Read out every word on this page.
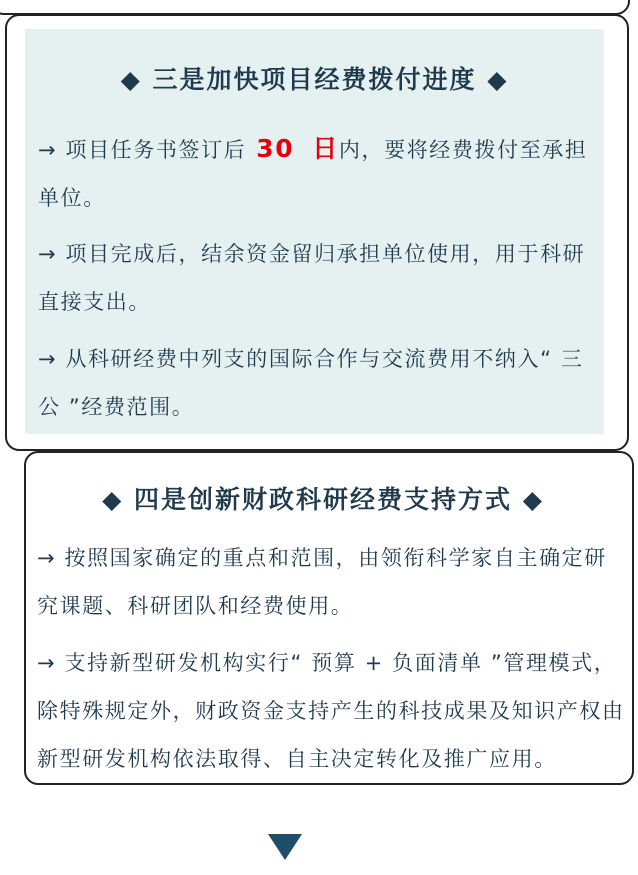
◆ 三是加快项目经费拨付进度 ◆
→ 项目任务书签订后 30 日内，要将经费拨付至承担单位。
→ 项目完成后，结余资金留归承担单位使用，用于科研直接支出。
→ 从科研经费中列支的国际合作与交流费用不纳入“ 三公 ”经费范围。
◆ 四是创新财政科研经费支持方式 ◆
→ 按照国家确定的重点和范围，由领衔科学家自主确定研究课题、科研团队和经费使用。
→ 支持新型研发机构实行“ 预算 + 负面清单 ”管理模式，除特殊规定外，财政资金支持产生的科技成果及知识产权由新型研发机构依法取得、自主决定转化及推广应用。
